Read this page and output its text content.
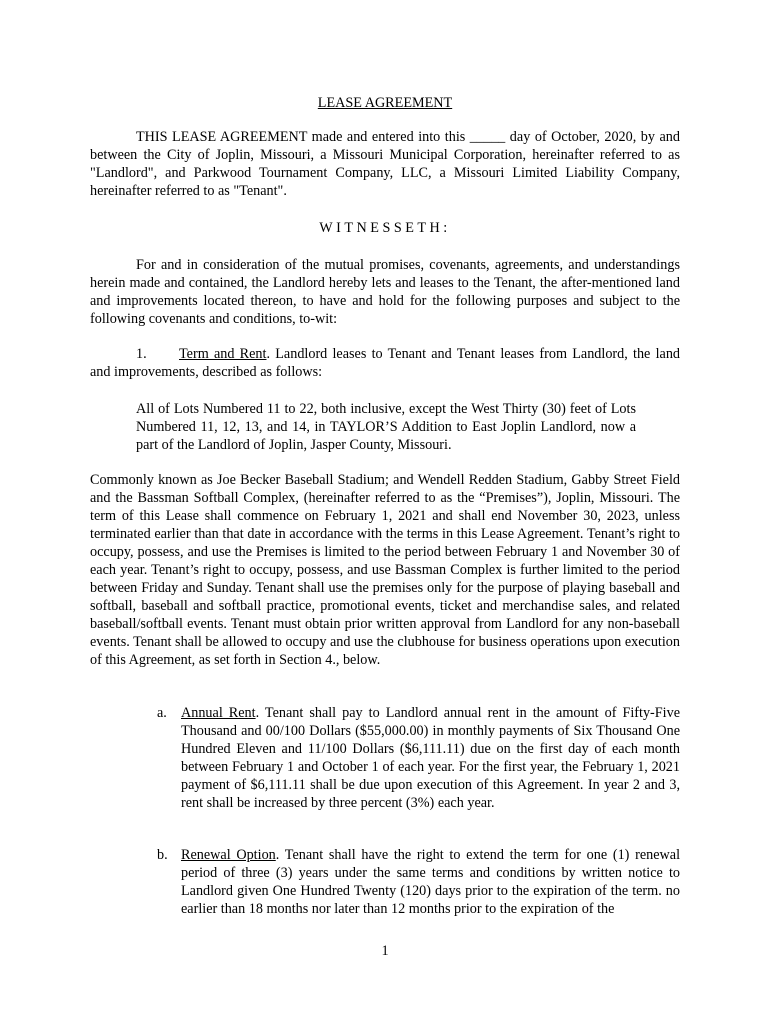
LEASE AGREEMENT

THIS LEASE AGREEMENT made and entered into this _____ day of October, 2020, by and between the City of Joplin, Missouri, a Missouri Municipal Corporation, hereinafter referred to as "Landlord", and Parkwood Tournament Company, LLC, a Missouri Limited Liability Company, hereinafter referred to as "Tenant".

WITNESSETH:

For and in consideration of the mutual promises, covenants, agreements, and understandings herein made and contained, the Landlord hereby lets and leases to the Tenant, the after-mentioned land and improvements located thereon, to have and hold for the following purposes and subject to the following covenants and conditions, to-wit:

1. Term and Rent. Landlord leases to Tenant and Tenant leases from Landlord, the land and improvements, described as follows:

All of Lots Numbered 11 to 22, both inclusive, except the West Thirty (30) feet of Lots Numbered 11, 12, 13, and 14, in TAYLOR’S Addition to East Joplin Landlord, now a part of the Landlord of Joplin, Jasper County, Missouri.

Commonly known as Joe Becker Baseball Stadium; and Wendell Redden Stadium, Gabby Street Field and the Bassman Softball Complex, (hereinafter referred to as the “Premises”), Joplin, Missouri. The term of this Lease shall commence on February 1, 2021 and shall end November 30, 2023, unless terminated earlier than that date in accordance with the terms in this Lease Agreement. Tenant’s right to occupy, possess, and use the Premises is limited to the period between February 1 and November 30 of each year. Tenant’s right to occupy, possess, and use Bassman Complex is further limited to the period between Friday and Sunday. Tenant shall use the premises only for the purpose of playing baseball and softball, baseball and softball practice, promotional events, ticket and merchandise sales, and related baseball/softball events. Tenant must obtain prior written approval from Landlord for any non-baseball events. Tenant shall be allowed to occupy and use the clubhouse for business operations upon execution of this Agreement, as set forth in Section 4., below.

a. Annual Rent. Tenant shall pay to Landlord annual rent in the amount of Fifty-Five Thousand and 00/100 Dollars ($55,000.00) in monthly payments of Six Thousand One Hundred Eleven and 11/100 Dollars ($6,111.11) due on the first day of each month between February 1 and October 1 of each year. For the first year, the February 1, 2021 payment of $6,111.11 shall be due upon execution of this Agreement. In year 2 and 3, rent shall be increased by three percent (3%) each year.
b. Renewal Option. Tenant shall have the right to extend the term for one (1) renewal period of three (3) years under the same terms and conditions by written notice to Landlord given One Hundred Twenty (120) days prior to the expiration of the term. no earlier than 18 months nor later than 12 months prior to the expiration of the
1
